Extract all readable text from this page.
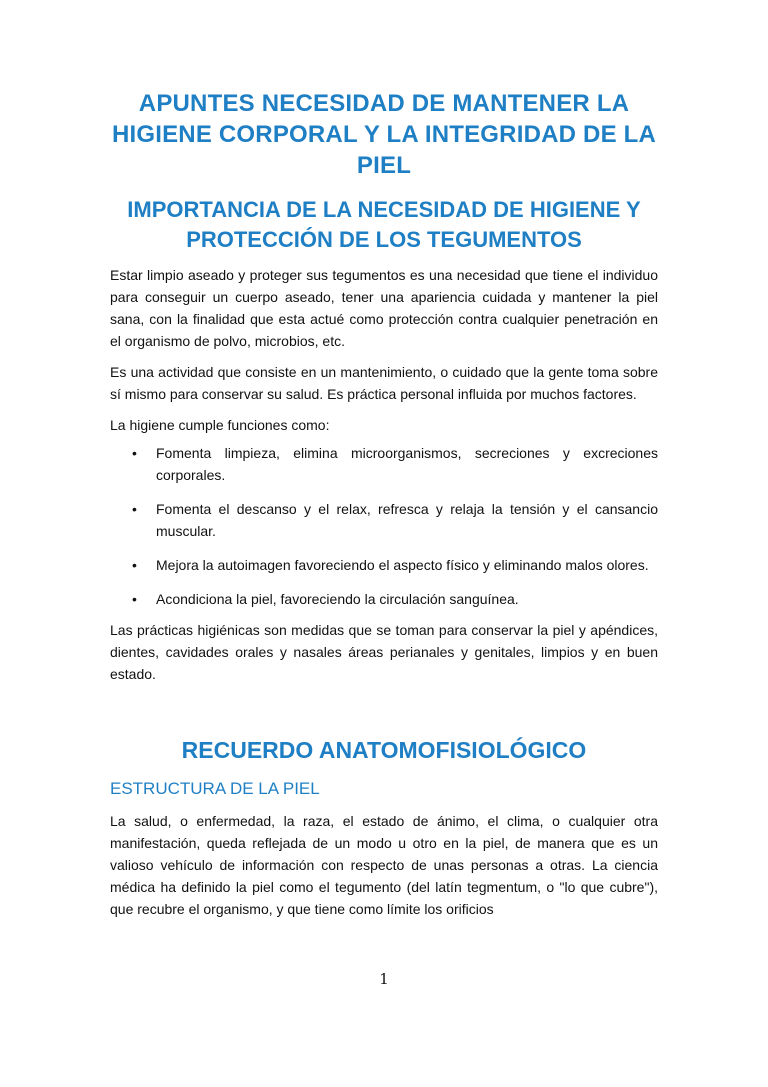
APUNTES NECESIDAD DE MANTENER LA HIGIENE CORPORAL Y LA INTEGRIDAD DE LA PIEL
IMPORTANCIA DE LA NECESIDAD DE HIGIENE Y PROTECCIÓN DE LOS TEGUMENTOS

Estar limpio aseado y proteger sus tegumentos es una necesidad que tiene el individuo para conseguir un cuerpo aseado, tener una apariencia cuidada y mantener la piel sana, con la finalidad que esta actué como protección contra cualquier penetración en el organismo de polvo, microbios, etc.

Es una actividad que consiste en un mantenimiento, o cuidado que la gente toma sobre sí mismo para conservar su salud. Es práctica personal influida por muchos factores.

La higiene cumple funciones como:

• Fomenta limpieza, elimina microorganismos, secreciones y excreciones corporales.
• Fomenta el descanso y el relax, refresca y relaja la tensión y el cansancio muscular.
• Mejora la autoimagen favoreciendo el aspecto físico y eliminando malos olores.
• Acondiciona la piel, favoreciendo la circulación sanguínea.

Las prácticas higiénicas son medidas que se toman para conservar la piel y apéndices, dientes, cavidades orales y nasales áreas perianales y genitales, limpios y en buen estado.

RECUERDO ANATOMOFISIOLÓGICO
ESTRUCTURA DE LA PIEL

La salud, o enfermedad, la raza, el estado de ánimo, el clima, o cualquier otra manifestación, queda reflejada de un modo u otro en la piel, de manera que es un valioso vehículo de información con respecto de unas personas a otras. La ciencia médica ha definido la piel como el tegumento (del latín tegmentum, o "lo que cubre"), que recubre el organismo, y que tiene como límite los orificios

1
